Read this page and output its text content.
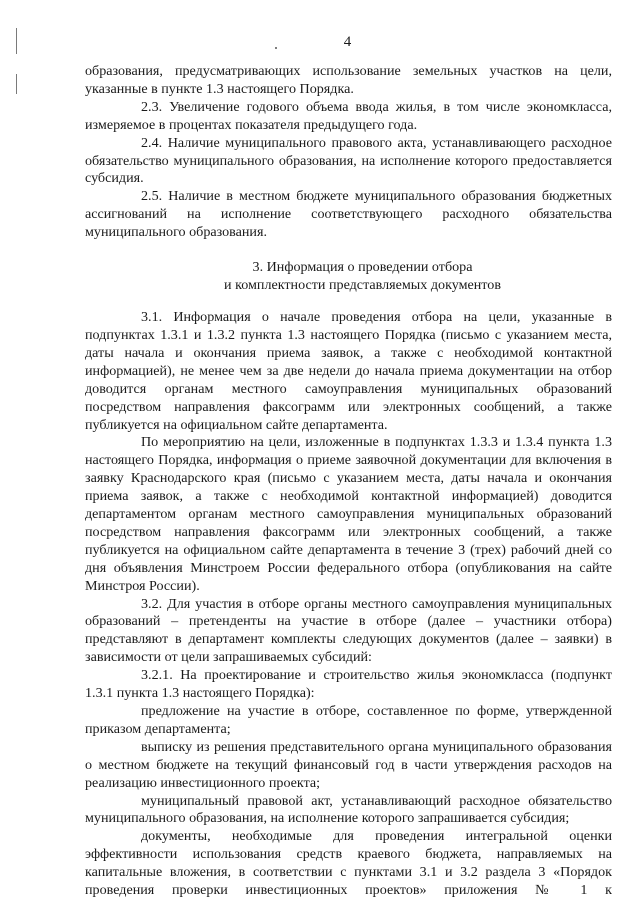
4

образования, предусматривающих использование земельных участков на цели, указанные в пункте 1.3 настоящего Порядка.

2.3. Увеличение годового объема ввода жилья, в том числе экономкласса, измеряемое в процентах показателя предыдущего года.

2.4. Наличие муниципального правового акта, устанавливающего расходное обязательство муниципального образования, на исполнение которого предоставляется субсидия.

2.5. Наличие в местном бюджете муниципального образования бюджетных ассигнований на исполнение соответствующего расходного обязательства муниципального образования.

3. Информация о проведении отбора
и комплектности представляемых документов

3.1. Информация о начале проведения отбора на цели, указанные в подпунктах 1.3.1 и 1.3.2 пункта 1.3 настоящего Порядка (письмо с указанием места, даты начала и окончания приема заявок, а также с необходимой контактной информацией), не менее чем за две недели до начала приема документации на отбор доводится органам местного самоуправления муниципальных образований посредством направления факсограмм или электронных сообщений, а также публикуется на официальном сайте департамента.

По мероприятию на цели, изложенные в подпунктах 1.3.3 и 1.3.4 пункта 1.3 настоящего Порядка, информация о приеме заявочной документации для включения в заявку Краснодарского края (письмо с указанием места, даты начала и окончания приема заявок, а также с необходимой контактной информацией) доводится департаментом органам местного самоуправления муниципальных образований посредством направления факсограмм или электронных сообщений, а также публикуется на официальном сайте департамента в течение 3 (трех) рабочий дней со дня объявления Минстроем России федерального отбора (опубликования на сайте Минстроя России).

3.2. Для участия в отборе органы местного самоуправления муниципальных образований – претенденты на участие в отборе (далее – участники отбора) представляют в департамент комплекты следующих документов (далее – заявки) в зависимости от цели запрашиваемых субсидий:

3.2.1. На проектирование и строительство жилья экономкласса (подпункт 1.3.1 пункта 1.3 настоящего Порядка):

предложение на участие в отборе, составленное по форме, утвержденной приказом департамента;

выписку из решения представительного органа муниципального образования о местном бюджете на текущий финансовый год в части утверждения расходов на реализацию инвестиционного проекта;

муниципальный правовой акт, устанавливающий расходное обязательство муниципального образования, на исполнение которого запрашивается субсидия;

документы, необходимые для проведения интегральной оценки эффективности использования средств краевого бюджета, направляемых на капитальные вложения, в соответствии с пунктами 3.1 и 3.2 раздела 3 «Порядок проведения проверки инвестиционных проектов» приложения № 1 к
